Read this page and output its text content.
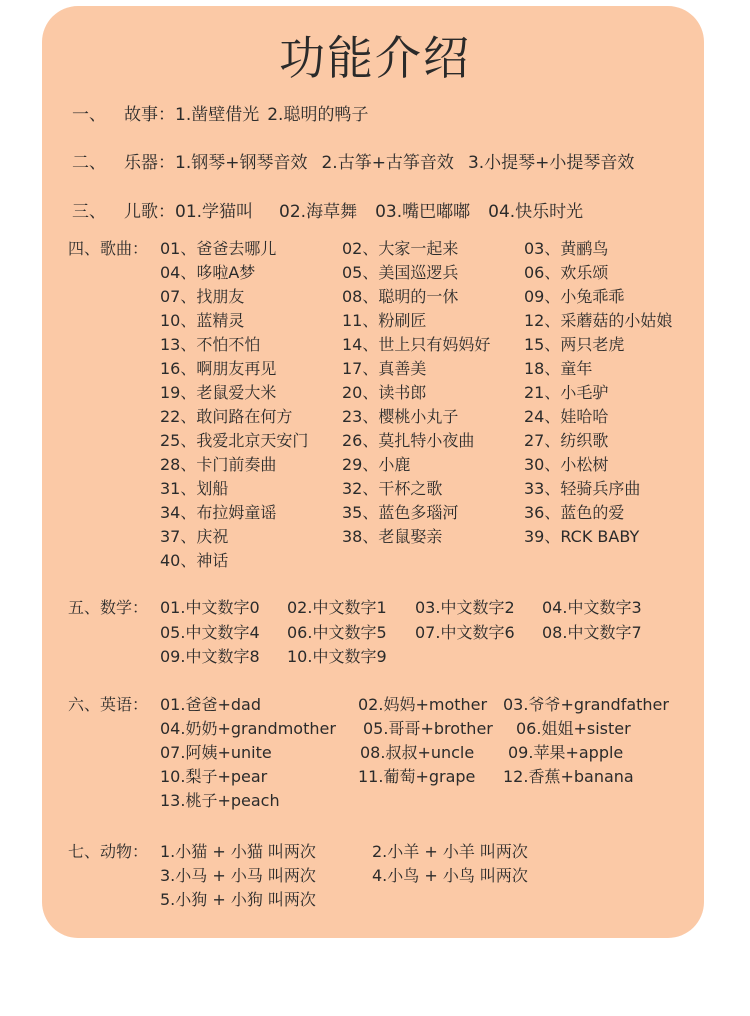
功能介绍
一、 故事：1.凿壁借光 2.聪明的鸭子
二、 乐器：1.钢琴+钢琴音效 2.古筝+古筝音效 3.小提琴+小提琴音效
三、 儿歌：01.学猫叫 02.海草舞 03.嘴巴嘟嘟 04.快乐时光
四、歌曲： 01、爸爸去哪儿	02、大家一起来	03、黄鹂鸟
04、哆啦A梦	05、美国巡逻兵	06、欢乐颂
07、找朋友	08、聪明的一休	09、小兔乖乖
10、蓝精灵	11、粉刷匠	12、采蘑菇的小姑娘
13、不怕不怕	14、世上只有妈妈好 15、两只老虎
16、啊朋友再见	17、真善美	18、童年
19、老鼠爱大米	20、读书郎	21、小毛驴
22、敢问路在何方	23、樱桃小丸子	24、娃哈哈
25、我爱北京天安门 26、莫扎特小夜曲	27、纺织歌
28、卡门前奏曲	29、小鹿	30、小松树
31、划船	32、干杯之歌	33、轻骑兵序曲
34、布拉姆童谣	35、蓝色多瑙河	36、蓝色的爱
37、庆祝	38、老鼠娶亲	39、RCK BABY
40、神话
五、数学： 01.中文数字0 02.中文数字1 03.中文数字2 04.中文数字3
05.中文数字4 06.中文数字5 07.中文数字6 08.中文数字7
09.中文数字8 10.中文数字9
六、英语： 01.爸爸+dad	02.妈妈+mother 03.爷爷+grandfather
04.奶奶+grandmother 05.哥哥+brother 06.姐姐+sister
07.阿姨+unite	08.叔叔+uncle 09.苹果+apple
10.梨子+pear	11.葡萄+grape 12.香蕉+banana
13.桃子+peach
七、动物： 1.小猫 + 小猫 叫两次	2.小羊 + 小羊 叫两次
3.小马 + 小马 叫两次	4.小鸟 + 小鸟 叫两次
5.小狗 + 小狗 叫两次
